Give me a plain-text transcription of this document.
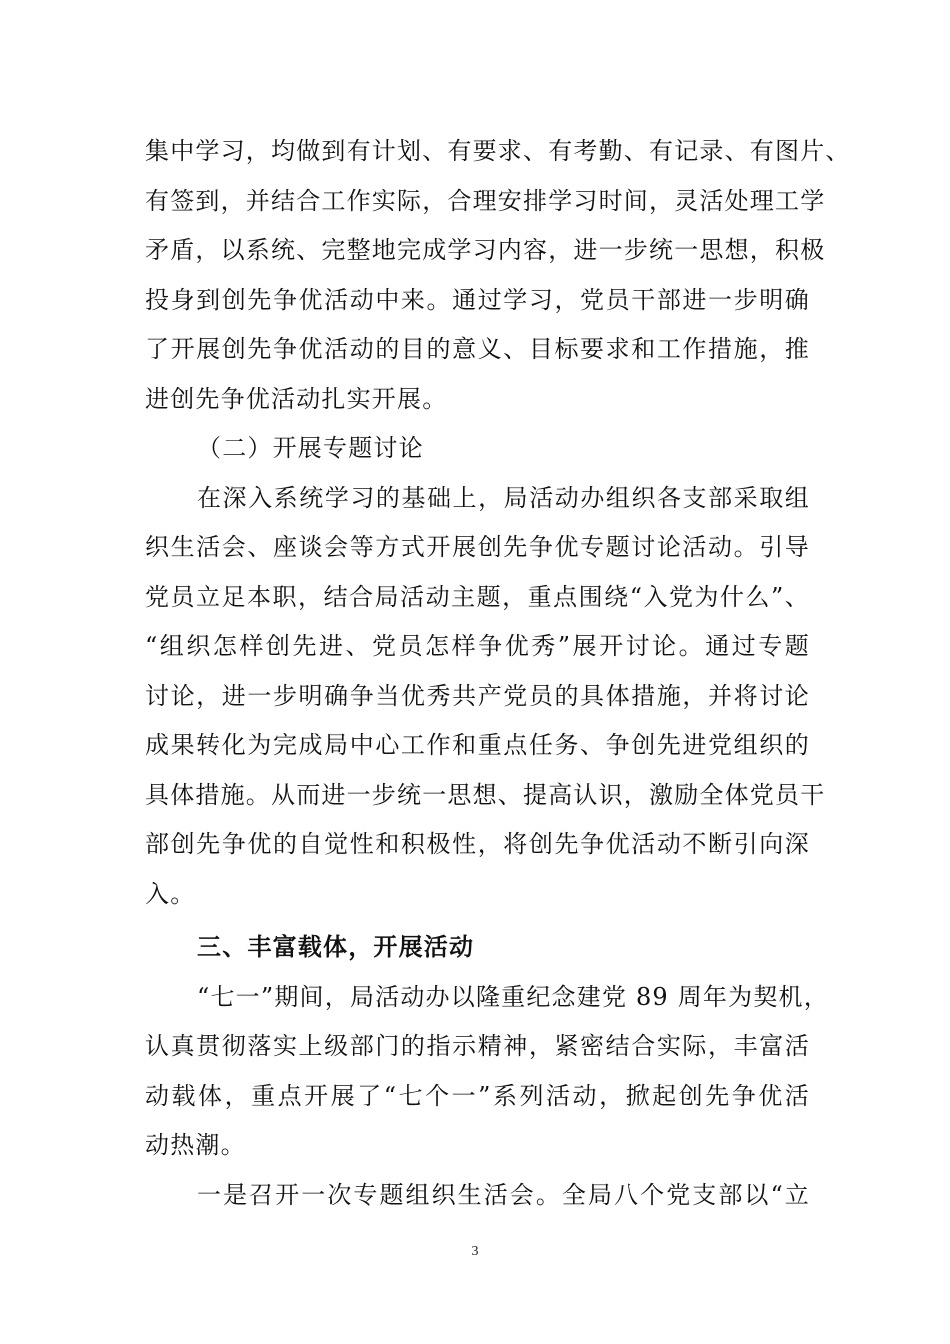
集中学习，均做到有计划、有要求、有考勤、有记录、有图片、
有签到，并结合工作实际，合理安排学习时间，灵活处理工学
矛盾，以系统、完整地完成学习内容，进一步统一思想，积极
投身到创先争优活动中来。通过学习，党员干部进一步明确
了开展创先争优活动的目的意义、目标要求和工作措施，推
进创先争优活动扎实开展。
（二）开展专题讨论
在深入系统学习的基础上，局活动办组织各支部采取组
织生活会、座谈会等方式开展创先争优专题讨论活动。引导
党员立足本职，结合局活动主题，重点围绕“入党为什么”、
“组织怎样创先进、党员怎样争优秀”展开讨论。通过专题
讨论，进一步明确争当优秀共产党员的具体措施，并将讨论
成果转化为完成局中心工作和重点任务、争创先进党组织的
具体措施。从而进一步统一思想、提高认识，激励全体党员干
部创先争优的自觉性和积极性，将创先争优活动不断引向深
入。
三、丰富载体，开展活动
“七一”期间，局活动办以隆重纪念建党 89 周年为契机，
认真贯彻落实上级部门的指示精神，紧密结合实际，丰富活
动载体，重点开展了“七个一”系列活动，掀起创先争优活
动热潮。
一是召开一次专题组织生活会。全局八个党支部以“立
3
